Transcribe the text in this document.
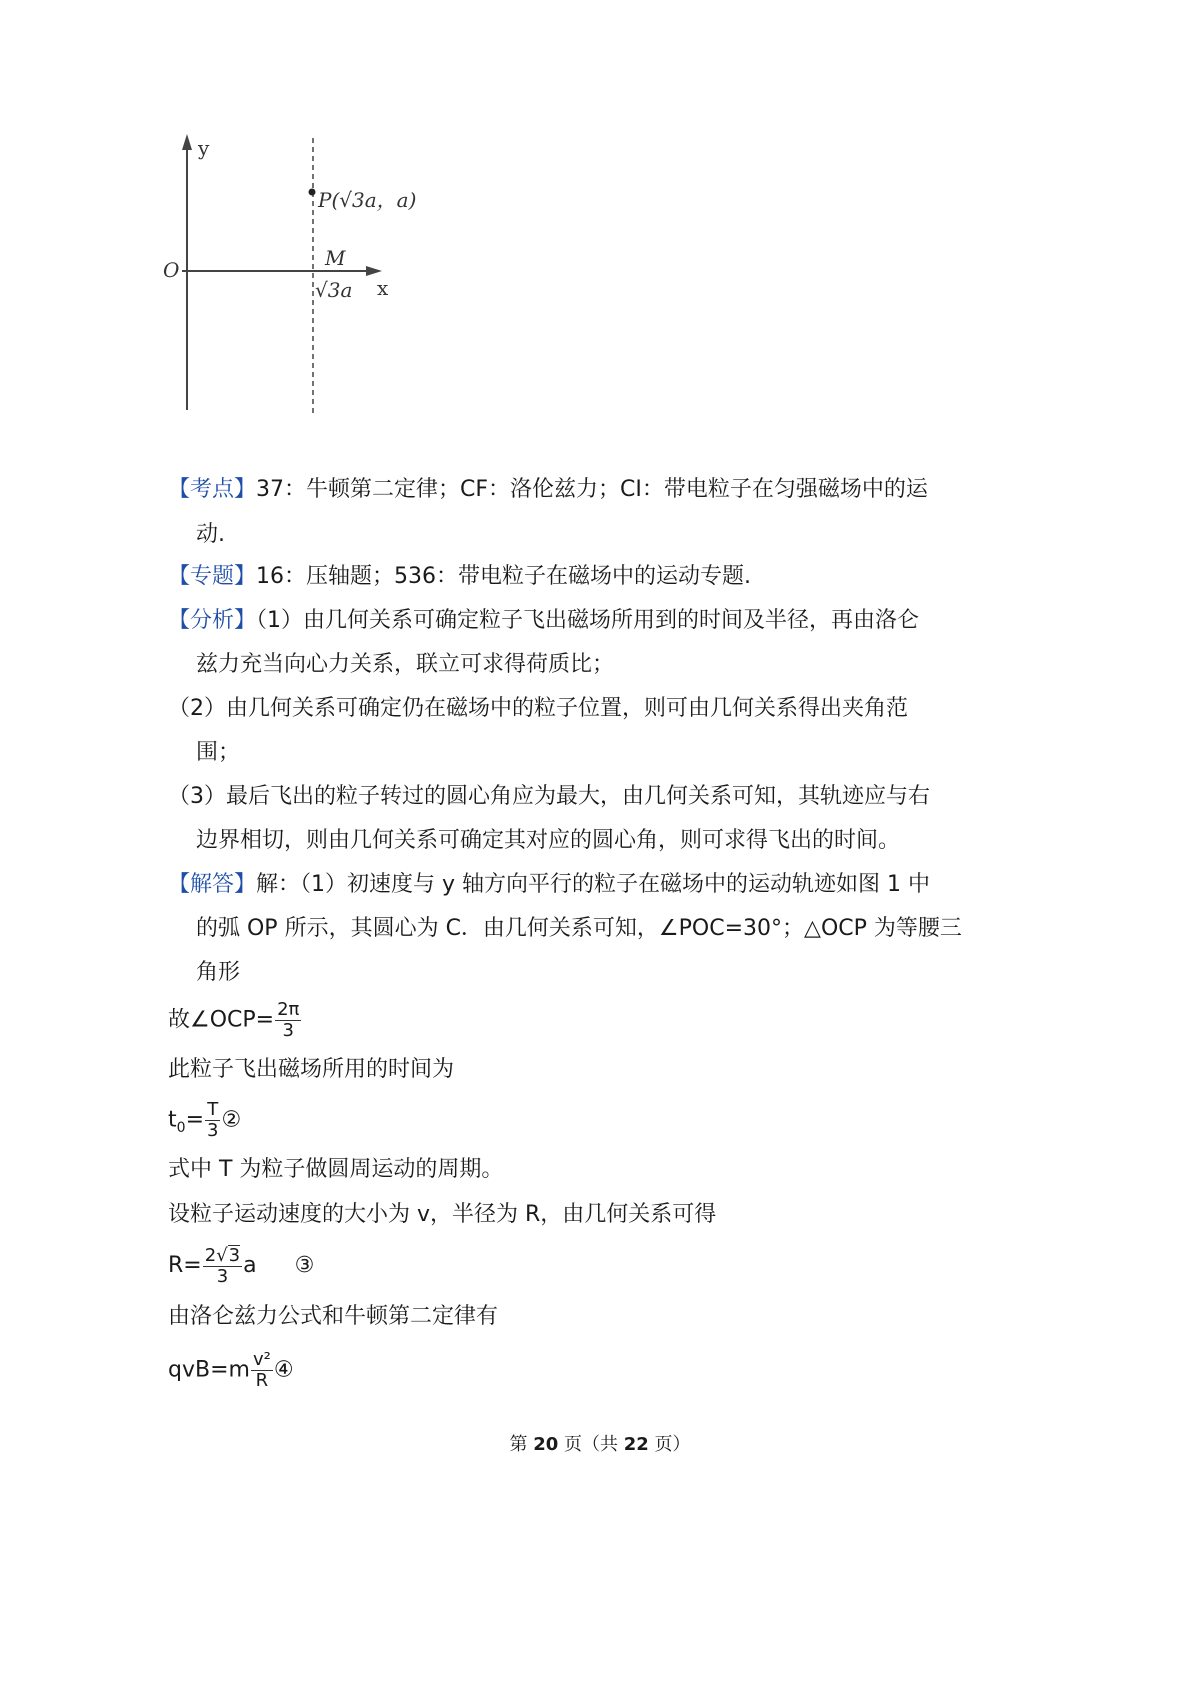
y
O
P(√3a，a)
M
√3a x
【考点】37：牛顿第二定律；CF：洛伦兹力；CI：带电粒子在匀强磁场中的运
动.
【专题】16：压轴题；536：带电粒子在磁场中的运动专题.
【分析】（1）由几何关系可确定粒子飞出磁场所用到的时间及半径，再由洛仑
兹力充当向心力关系，联立可求得荷质比；
（2）由几何关系可确定仍在磁场中的粒子位置，则可由几何关系得出夹角范
围；
（3）最后飞出的粒子转过的圆心角应为最大，由几何关系可知，其轨迹应与右
边界相切，则由几何关系可确定其对应的圆心角，则可求得飞出的时间。
【解答】解：（1）初速度与 y 轴方向平行的粒子在磁场中的运动轨迹如图 1 中
的弧 OP 所示，其圆心为 C．由几何关系可知，∠POC=30°；△OCP 为等腰三
角形
故∠OCP= $\frac{2\pi}{3}$
此粒子飞出磁场所用的时间为
$t_0= \frac{T}{3}$ ②
式中 T 为粒子做圆周运动的周期。
设粒子运动速度的大小为 v，半径为 R，由几何关系可得
$R= \frac{2 √ 3}{3}$ a ③
由洛仑兹力公式和牛顿第二定律有
$qvB=m \frac{\text{v²}}{R}$ ④
第 20 页（共 22 页）
